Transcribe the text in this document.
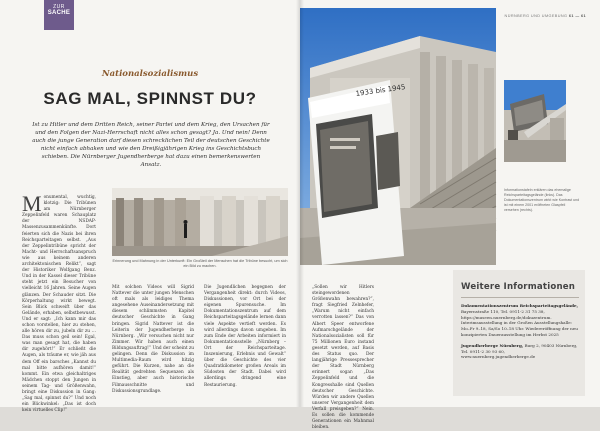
ZUR
SACHE
Nationalsozialismus
SAG MAL, SPINNST DU?
Ist zu Hitler und dem Dritten Reich, seiner Partei und dem Krieg, den Ursachen für und den Folgen der Nazi-Herrschaft nicht alles schon gesagt? Ja. Und nein! Denn auch die junge Generation darf diesen schrecklichen Teil der deutschen Geschichte nicht einfach abhaken und wie den Dreißigjährigen Krieg ins Geschichtsbuch schieben. Die Nürnberger Jugendherberge hat dazu einen bemerkenswerten Ansatz.
M onumental, wuchtig, klotzig: Die Tribünen am Nürnberger Zeppelinfeld waren Schauplatz der NSDAP-Massenzusammenkünfte. Dort feierten sich die Nazis bei ihren Reichsparteitagen selbst. „Aus der Zeppelintribüne spricht der Macht- und Herrschaftsanspruch wie aus keinem anderen architektonischen Relikt“, sagt der Historiker Wolfgang Benz. Und in der Kassel dieser Tribüne steht jetzt ein Besucher von vielleicht 16 Jahren. Seine Augen glänzen. Der Schauder sitzt. Die Körperhaltung wirkt bewegt. Sein Blick schweift über das Gelände, erhaben, selbstbewusst. Und er sagt: „Ich kann mir das schon vorstellen, hier zu stehen, alle hören dir zu, jubeln dir zu … Das muss schon geil sein! Egal, was man gesagt hat, die haben dir zugehört!“ Er schließt die Augen, als träume er, wie jäh aus dem Off ein barsches „Kannst du mal bitte aufhören damit!“ kommt. Ein etwa gleichaltriges Mädchen stoppt den Jungen in seinem Tag- und Größenwahn, bringt eine Diskussion in Gang: „Sag mal, spinnst du?“ Und noch ein Blickwinkel: „Das ist doch kein virtuelles Clip!“
Erinnerung und Mahnung in der Unterkunft: Ein Großteil der Menschen hat die Tribüne besucht, um sich ein Bild zu machen.
Mit solchen Videos will Sigrid Nattever die unter jungen Menschen oft mals als leidiges Thema angesehene Auseinandersetzung mit diesem schlimmsten Kapitel deutscher Geschichte in Gang bringen. Sigrid Nattever ist die Leiterin der Jugendherberge in Nürnberg. „Wir versuchen nicht nur Zimmer. Wir haben auch einen Bildungsauftrag!“ Und der scheint zu gelingen. Denn die Diskussion im Multimedia-Raum wird hitzig geführt. Die Kurzen, nahe an die Realität gedrehten Sequenzen als Einstieg, aber auch historische Filmausschnitte und Diskussionsgrundlage.
Die Jugendlichen begegnen der Vergangenheit direkt: durch Videos, Diskussionen, vor Ort bei der eigenen Spurensuche. Im Dokumentationszentrum auf dem Reichsparteitagsgelände lernen dann viele Aspekte vertieft werden. Es wird allerdings davon umgeben. Im zum Ende der Arbeiten informiert in Dokumentationsstelle „Nürnberg – Ort der Reichsparteitage. Inszenierung, Erlebnis und Gewalt“ über die Geschichte des vier Quadratkilometer großen Areals im Südosten der Stadt. Dabei wird allerdings dringend eine Restaurierung.
NÜRNBERG UND UMGEBUNG 61 — 61
1933 bis 1945
Informationstafeln erklären das ehemalige Reichsparteitagsgelände (links). Das Dokumentationszentrum wirkt wie Kontrast und ist mit einem 2001 eröffneten Glaspfeil versehen (rechts).
„Sollen wir Hitlers steingewordenen Größenwahn bewahren?“, fragt Siegfried Zelnhefer, „Warum nicht einfach verrotten lassen?“ Das von Albert Speer entworfene Aufmarschgelände der Nationalsozialisten soll für 75 Millionen Euro instand gesetzt werden, auf Basis des Status quo. Der langjährige Pressesprecher der Stadt Nürnberg erinnert sogar: „Das Zeppelinfeld und die Kongresshalle sind Quellen deutscher Geschichte. Würden wir andere Quellen unserer Vergangenheit dem Verfall preisgeben?“ Nein. Es sollen die kommende Generationen ein Mahnmal bleiben.
Weitere Informationen

Dokumentationszentrum Reichsparteitagsgelände, Bayernstraße 110, Tel. 0911-2 31 75 38, https://museen.nuernberg.de/dokuzentrum. Interimsausstellung in der Großen Ausstellungshalle: Mo–Fr 9–18, Sa/So 10–18 Uhr. Wiedereröffnung der neu konzipierten Dauerausstellung im Herbst 2025

Jugendherberge Nürnberg, Burg 2, 90403 Nürnberg, Tel. 0911-2 30 93 60, www.nuernberg.jugendherberge.de
